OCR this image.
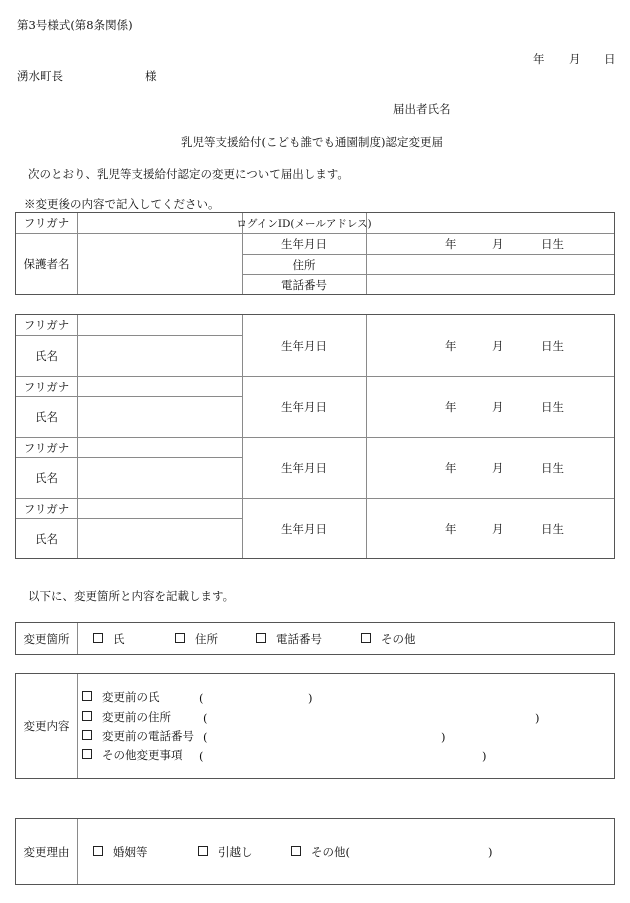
第3号様式(第8条関係)
年 月 日
湧水町長	様
届出者氏名
乳児等支援給付(こども誰でも通園制度)認定変更届
次のとおり、乳児等支援給付認定の変更について届出します。
※変更後の内容で記入してください。
フリガナ	ログインID(メールアドレス)
保護者名
生年月日	年	月	日生
住所
電話番号
フリガナ
氏名
生年月日	年	月	日生
フリガナ
氏名
生年月日	年	月	日生
フリガナ
氏名
生年月日	年	月	日生
フリガナ
氏名
生年月日	年	月	日生
以下に、変更箇所と内容を記載します。
変更箇所	氏	住所	電話番号	その他
変更内容
変更前の氏	(	)
変更前の住所	(	)
変更前の電話番号 (	)
その他変更事項 (	)
変更理由	婚姻等	引越し	その他(	)
